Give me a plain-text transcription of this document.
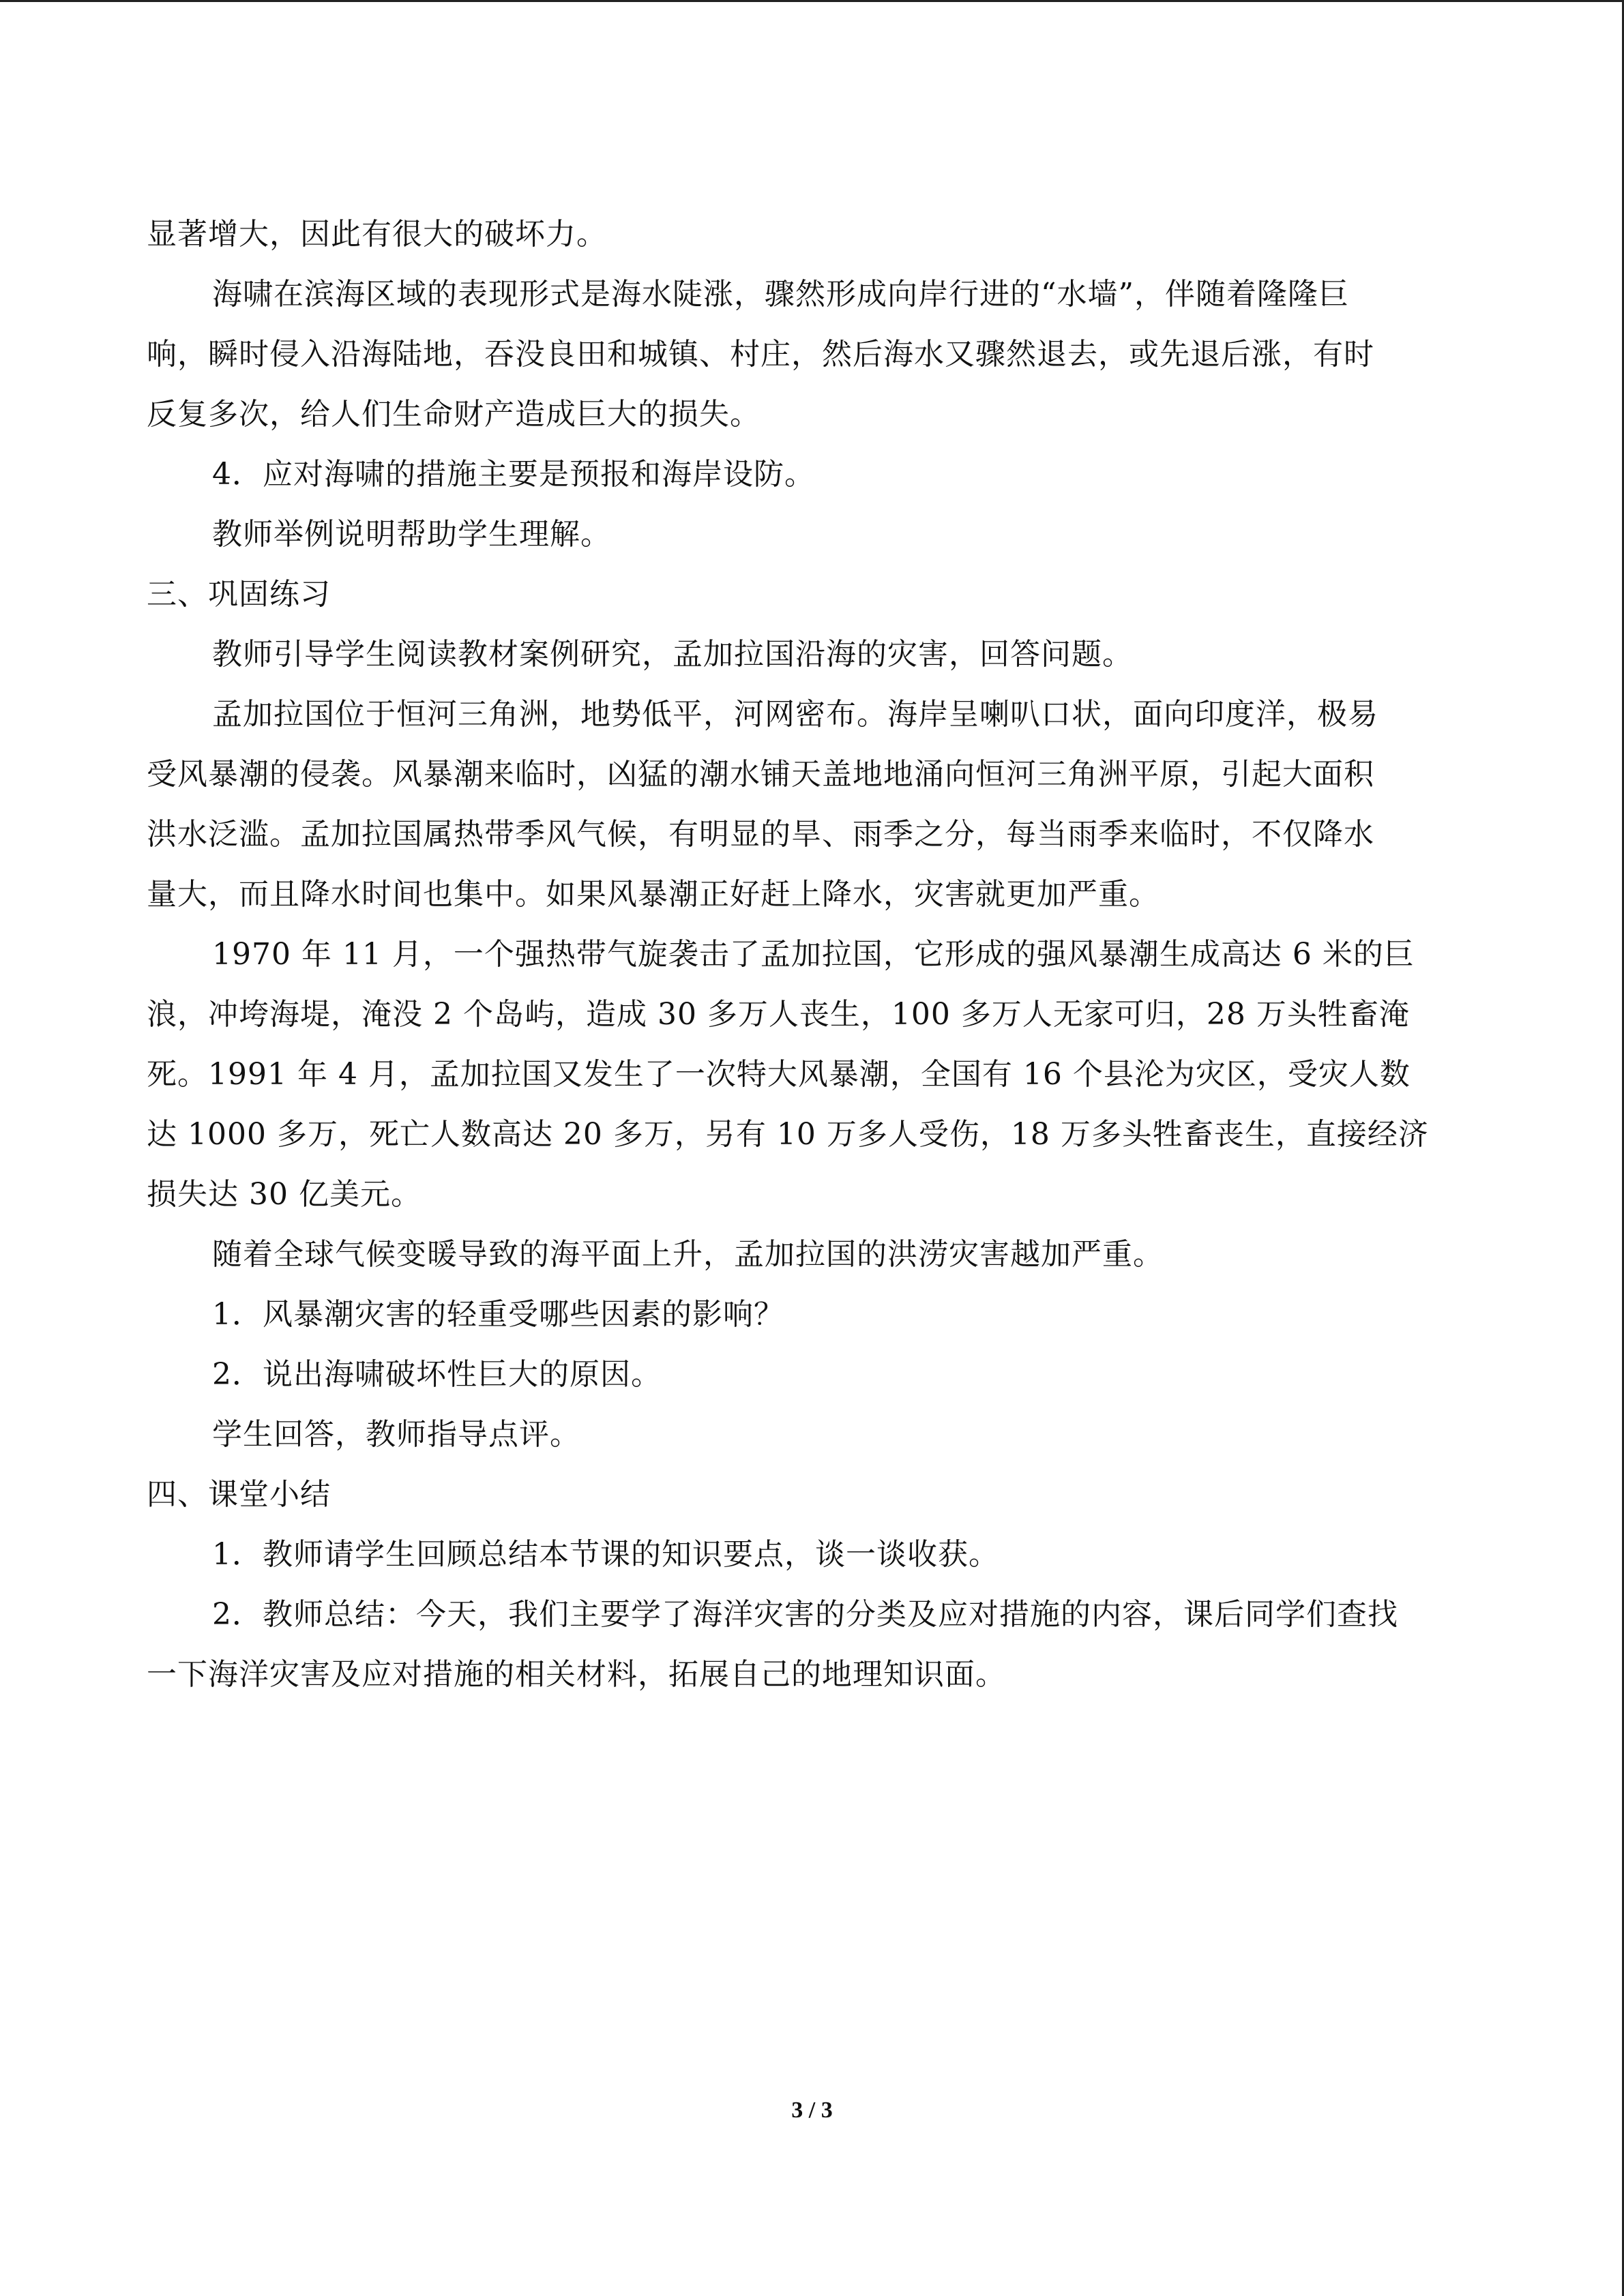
显著增大，因此有很大的破坏力。
海啸在滨海区域的表现形式是海水陡涨，骤然形成向岸行进的“水墙”，伴随着隆隆巨
响，瞬时侵入沿海陆地，吞没良田和城镇、村庄，然后海水又骤然退去，或先退后涨，有时
反复多次，给人们生命财产造成巨大的损失。
4．应对海啸的措施主要是预报和海岸设防。
教师举例说明帮助学生理解。
三、巩固练习
教师引导学生阅读教材案例研究，孟加拉国沿海的灾害，回答问题。
孟加拉国位于恒河三角洲，地势低平，河网密布。海岸呈喇叭口状，面向印度洋，极易
受风暴潮的侵袭。风暴潮来临时，凶猛的潮水铺天盖地地涌向恒河三角洲平原，引起大面积
洪水泛滥。孟加拉国属热带季风气候，有明显的旱、雨季之分，每当雨季来临时，不仅降水
量大，而且降水时间也集中。如果风暴潮正好赶上降水，灾害就更加严重。
1970 年 11 月，一个强热带气旋袭击了孟加拉国，它形成的强风暴潮生成高达 6 米的巨
浪，冲垮海堤，淹没 2 个岛屿，造成 30 多万人丧生，100 多万人无家可归，28 万头牲畜淹
死。1991 年 4 月，孟加拉国又发生了一次特大风暴潮，全国有 16 个县沦为灾区，受灾人数
达 1000 多万，死亡人数高达 20 多万，另有 10 万多人受伤，18 万多头牲畜丧生，直接经济
损失达 30 亿美元。
随着全球气候变暖导致的海平面上升，孟加拉国的洪涝灾害越加严重。
1．风暴潮灾害的轻重受哪些因素的影响？
2．说出海啸破坏性巨大的原因。
学生回答，教师指导点评。
四、课堂小结
1．教师请学生回顾总结本节课的知识要点，谈一谈收获。
2．教师总结：今天，我们主要学了海洋灾害的分类及应对措施的内容，课后同学们查找
一下海洋灾害及应对措施的相关材料，拓展自己的地理知识面。
3 / 3
